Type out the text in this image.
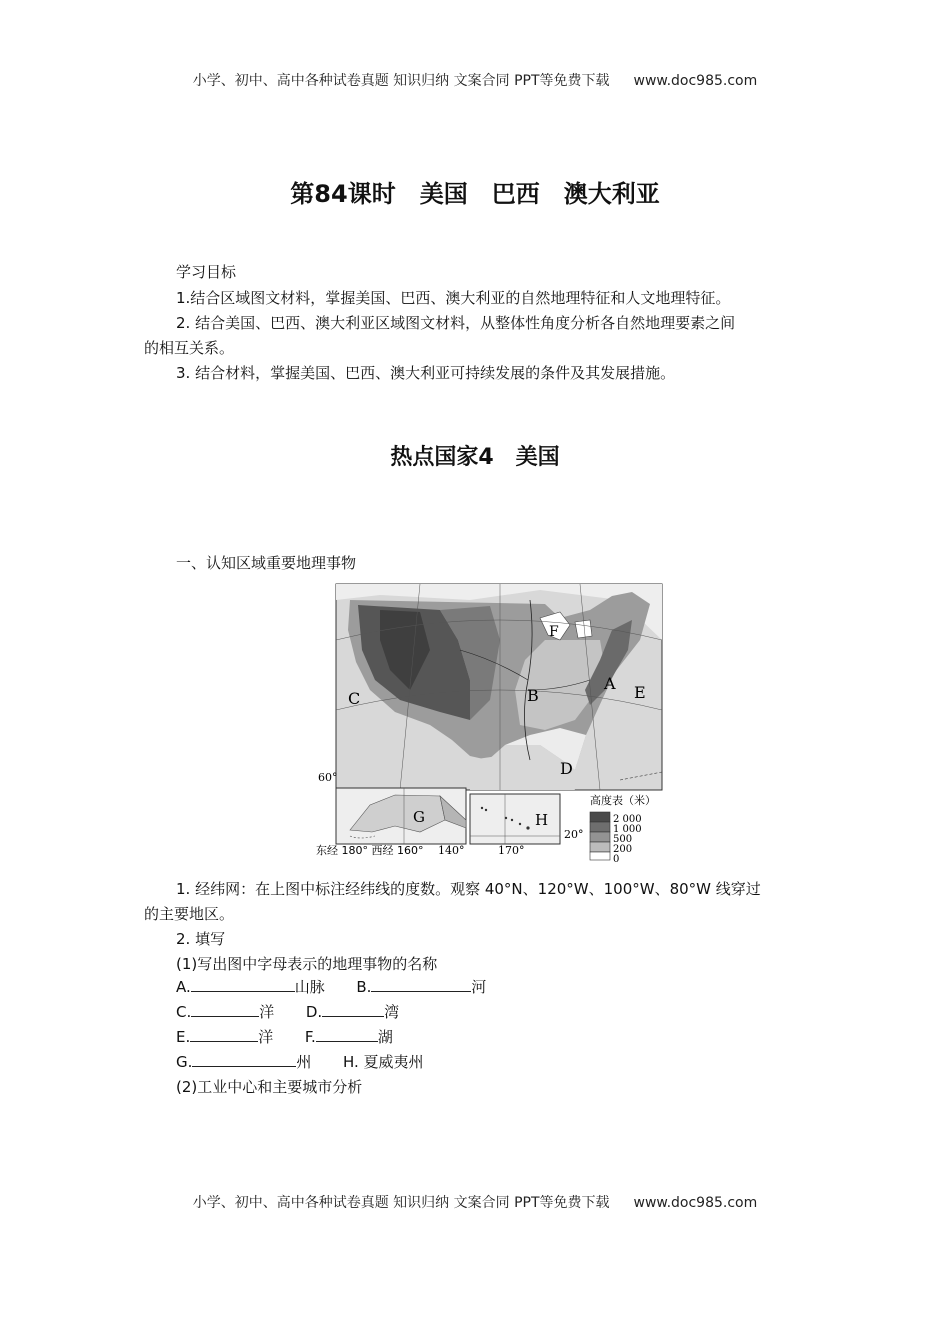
小学、初中、高中各种试卷真题 知识归纳 文案合同 PPT等免费下载 www.doc985.com
第84课时　美国　巴西　澳大利亚
学习目标
1.结合区域图文材料，掌握美国、巴西、澳大利亚的自然地理特征和人文地理特征。
2. 结合美国、巴西、澳大利亚区域图文材料，从整体性角度分析各自然地理要素之间
的相互关系。
3. 结合材料，掌握美国、巴西、澳大利亚可持续发展的条件及其发展措施。
热点国家4　美国
一、认知区域重要地理事物
C	B
A E
F
D
G
60°
东经 180° 西经 160° 140°
H
20°
170°
高度表（米）
2 000
1 000
500
200
0
1. 经纬网：在上图中标注经纬线的度数。观察 40°N、120°W、100°W、80°W 线穿过
的主要地区。
2. 填写
(1)写出图中字母表示的地理事物的名称
A.	山脉 B.	河
C.	洋 D.	湾
E.	洋 F.	湖
G.	州 H. 夏威夷州
(2)工业中心和主要城市分析
小学、初中、高中各种试卷真题 知识归纳 文案合同 PPT等免费下载 www.doc985.com
